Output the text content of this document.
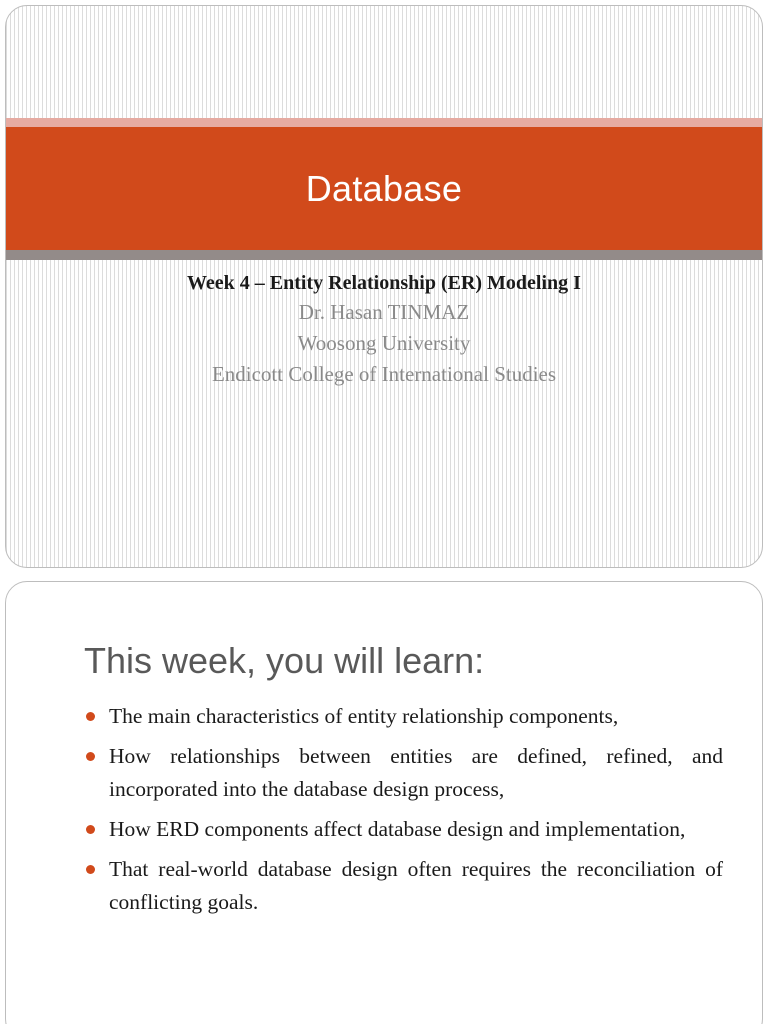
Database
Week 4 – Entity Relationship (ER) Modeling I
Dr. Hasan TINMAZ
Woosong University
Endicott College of International Studies
This week, you will learn:
The main characteristics of entity relationship components,
How relationships between entities are defined, refined, and incorporated into the database design process,
How ERD components affect database design and implementation,
That real-world database design often requires the reconciliation of conflicting goals.
